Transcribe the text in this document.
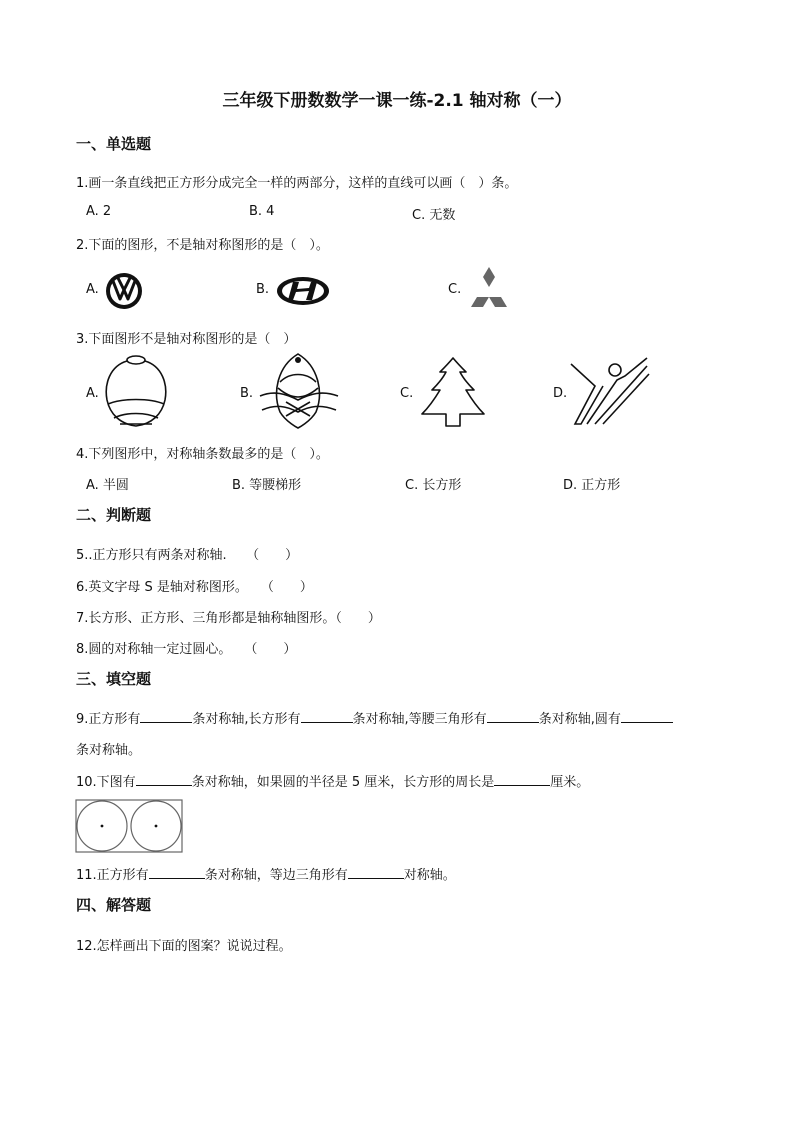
三年级下册数数学一课一练-2.1 轴对称（一）
一、单选题
1.画一条直线把正方形分成完全一样的两部分，这样的直线可以画（　）条。
A. 2	B. 4	C. 无数
2.下面的图形，不是轴对称图形的是（　）。
A.	B.	C.
3.下面图形不是轴对称图形的是（　）
A.	B.	C.	D.
4.下列图形中，对称轴条数最多的是（　）。
A. 半圆	B. 等腰梯形	C. 长方形	D. 正方形
二、判断题
5..正方形只有两条对称轴.　　（　　）
6.英文字母 S 是轴对称图形。　　（　　）
7.长方形、正方形、三角形都是轴称轴图形。（　　）
8.圆的对称轴一定过圆心。　　（　　）
三、填空题
9.正方形有	条对称轴,长方形有	条对称轴,等腰三角形有	条对称轴,圆有
条对称轴。
10.下图有	条对称轴，如果圆的半径是 5 厘米，长方形的周长是	厘米。
11.正方形有	条对称轴，等边三角形有	对称轴。
四、解答题
12.怎样画出下面的图案？说说过程。
